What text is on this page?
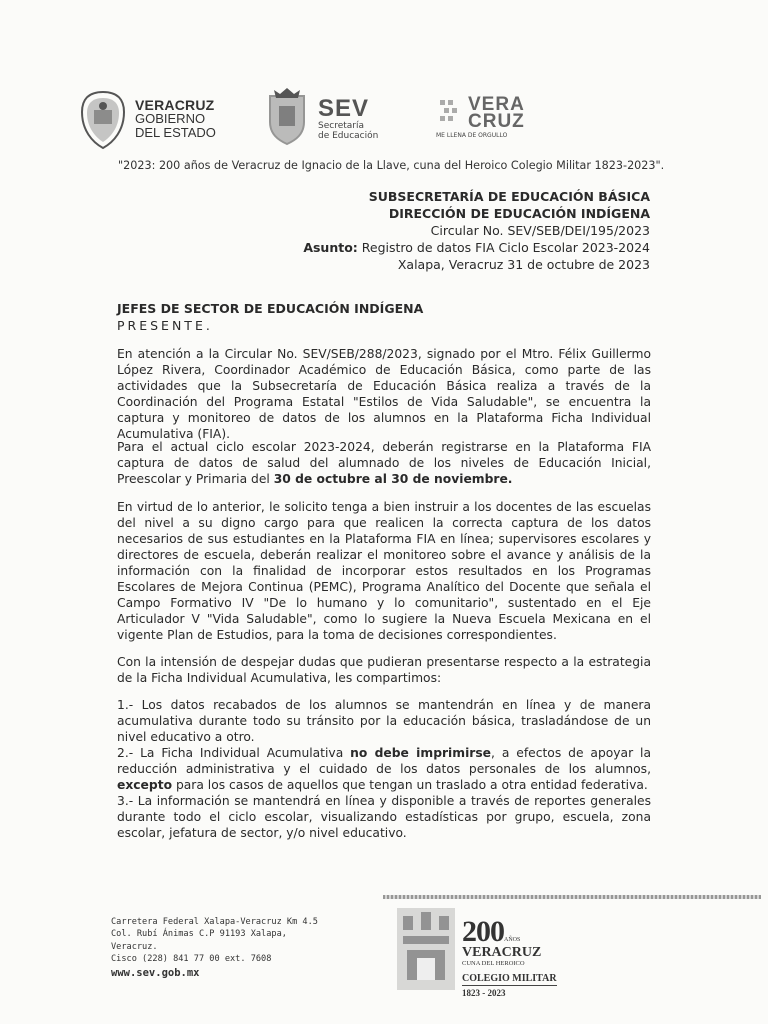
VERACRUZ
GOBIERNO
DEL ESTADO
SEV
Secretaría
de Educación
VERA
CRUZ
ME LLENA DE ORGULLO
"2023: 200 años de Veracruz de Ignacio de la Llave, cuna del Heroico Colegio Militar 1823-2023".
SUBSECRETARÍA DE EDUCACIÓN BÁSICA
DIRECCIÓN DE EDUCACIÓN INDÍGENA
Circular No. SEV/SEB/DEI/195/2023
Asunto: Registro de datos FIA Ciclo Escolar 2023-2024
Xalapa, Veracruz 31 de octubre de 2023
JEFES DE SECTOR DE EDUCACIÓN INDÍGENA
PRESENTE.

En atención a la Circular No. SEV/SEB/288/2023, signado por el Mtro. Félix Guillermo López Rivera, Coordinador Académico de Educación Básica, como parte de las actividades que la Subsecretaría de Educación Básica realiza a través de la Coordinación del Programa Estatal "Estilos de Vida Saludable", se encuentra la captura y monitoreo de datos de los alumnos en la Plataforma Ficha Individual Acumulativa (FIA).

Para el actual ciclo escolar 2023-2024, deberán registrarse en la Plataforma FIA captura de datos de salud del alumnado de los niveles de Educación Inicial, Preescolar y Primaria del 30 de octubre al 30 de noviembre.

En virtud de lo anterior, le solicito tenga a bien instruir a los docentes de las escuelas del nivel a su digno cargo para que realicen la correcta captura de los datos necesarios de sus estudiantes en la Plataforma FIA en línea; supervisores escolares y directores de escuela, deberán realizar el monitoreo sobre el avance y análisis de la información con la finalidad de incorporar estos resultados en los Programas Escolares de Mejora Continua (PEMC), Programa Analítico del Docente que señala el Campo Formativo IV "De lo humano y lo comunitario", sustentado en el Eje Articulador V "Vida Saludable", como lo sugiere la Nueva Escuela Mexicana en el vigente Plan de Estudios, para la toma de decisiones correspondientes.

Con la intensión de despejar dudas que pudieran presentarse respecto a la estrategia de la Ficha Individual Acumulativa, les compartimos:

1.- Los datos recabados de los alumnos se mantendrán en línea y de manera acumulativa durante todo su tránsito por la educación básica, trasladándose de un nivel educativo a otro.

2.- La Ficha Individual Acumulativa no debe imprimirse, a efectos de apoyar la reducción administrativa y el cuidado de los datos personales de los alumnos, excepto para los casos de aquellos que tengan un traslado a otra entidad federativa.

3.- La información se mantendrá en línea y disponible a través de reportes generales durante todo el ciclo escolar, visualizando estadísticas por grupo, escuela, zona escolar, jefatura de sector, y/o nivel educativo.

Carretera Federal Xalapa-Veracruz Km 4.5
Col. Rubí Ánimas C.P 91193 Xalapa, Veracruz.
Cisco (228) 841 77 00 ext. 7608
www.sev.gob.mx
200AÑOS
VERACRUZ
CUNA DEL HEROICO
COLEGIO MILITAR
1823 - 2023
